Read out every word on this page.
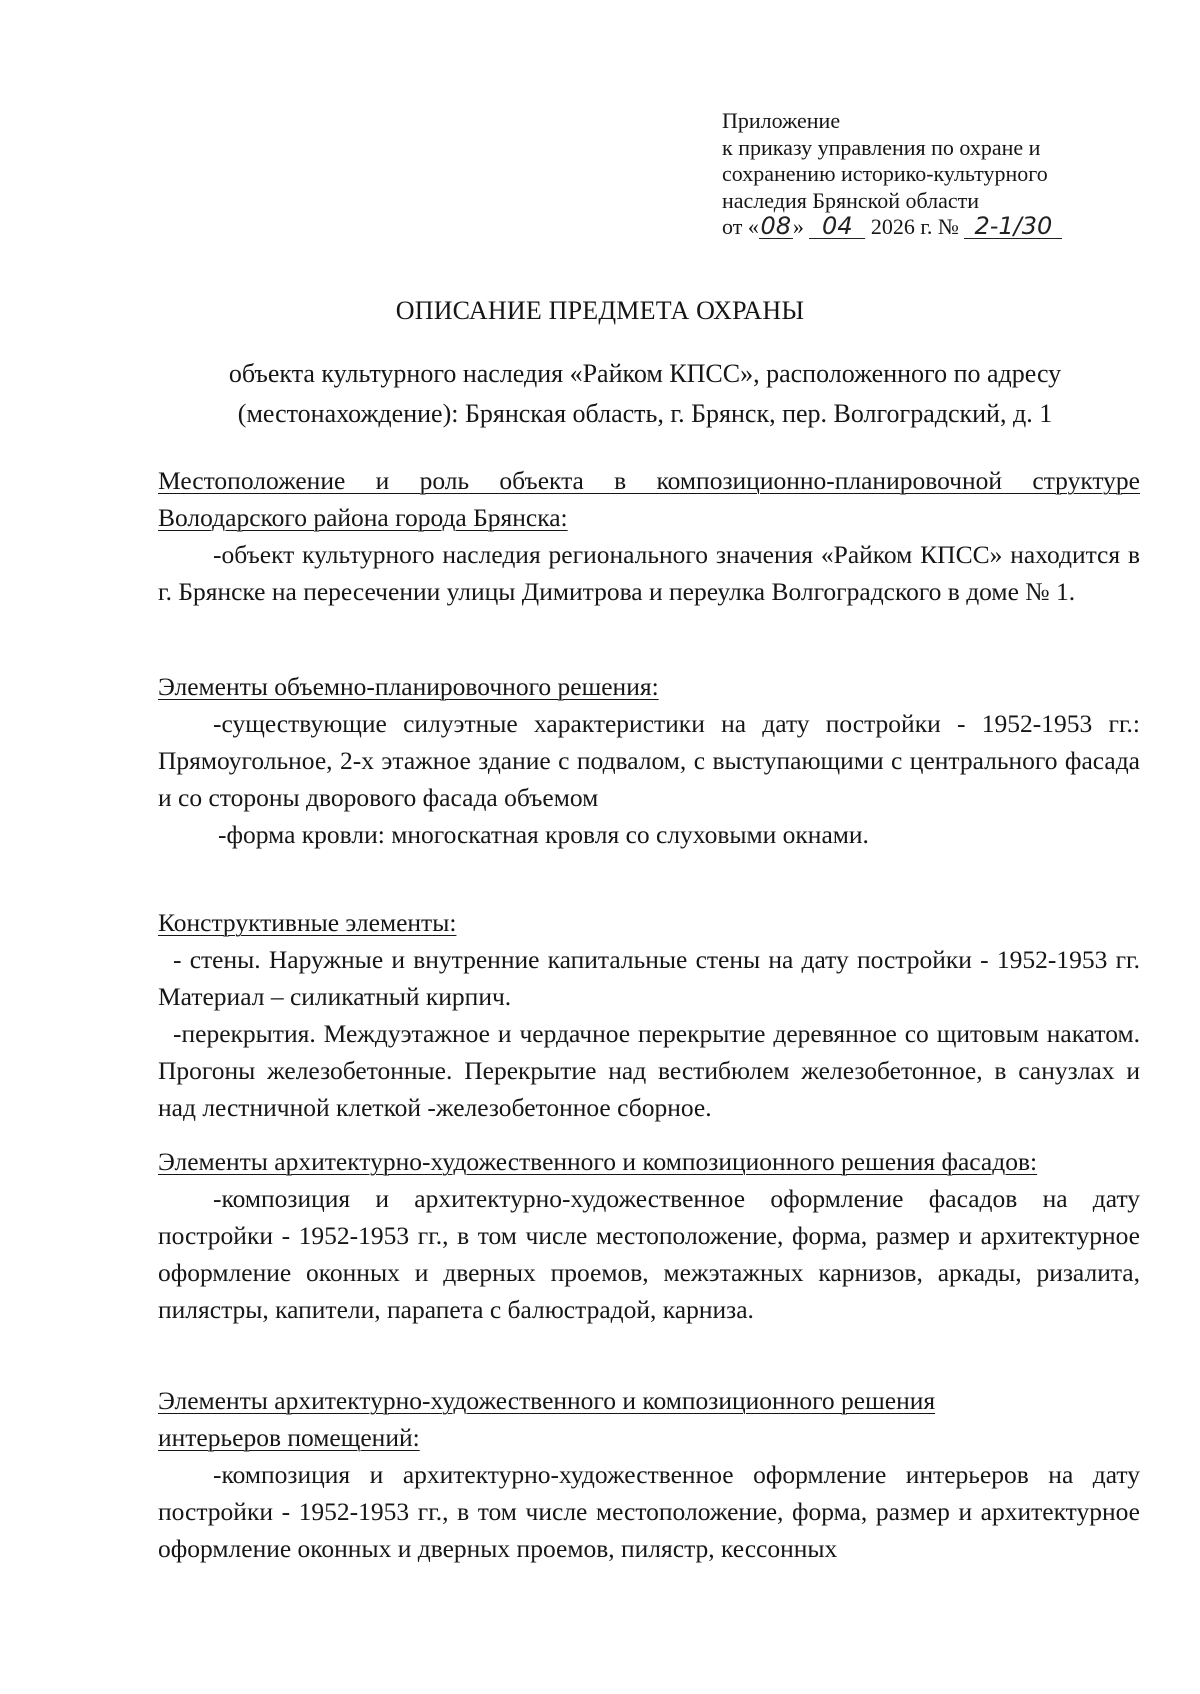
Приложение
к приказу управления по охране и
сохранению историко-культурного
наследия Брянской области
от «08» 04 2026 г. № 2-1/30
ОПИСАНИЕ ПРЕДМЕТА ОХРАНЫ
объекта культурного наследия «Райком КПСС», расположенного по адресу (местонахождение): Брянская область, г. Брянск, пер. Волгоградский, д. 1

Местоположение и роль объекта в композиционно-планировочной структуре Володарского района города Брянска:

-объект культурного наследия регионального значения «Райком КПСС» находится в г. Брянске на пересечении улицы Димитрова и переулка Волгоградского в доме № 1.

Элементы объемно-планировочного решения:

-существующие силуэтные характеристики на дату постройки - 1952-1953 гг.: Прямоугольное, 2-х этажное здание с подвалом, с выступающими с центрального фасада и со стороны дворового фасада объемом

-форма кровли: многоскатная кровля со слуховыми окнами.

Конструктивные элементы:

- стены. Наружные и внутренние капитальные стены на дату постройки - 1952-1953 гг. Материал – силикатный кирпич.

-перекрытия. Междуэтажное и чердачное перекрытие деревянное со щитовым накатом. Прогоны железобетонные. Перекрытие над вестибюлем железобетонное, в санузлах и над лестничной клеткой -железобетонное сборное.

Элементы архитектурно-художественного и композиционного решения фасадов:

-композиция и архитектурно-художественное оформление фасадов на дату постройки - 1952-1953 гг., в том числе местоположение, форма, размер и архитектурное оформление оконных и дверных проемов, межэтажных карнизов, аркады, ризалита, пилястры, капители, парапета с балюстрадой, карниза.

Элементы архитектурно-художественного и композиционного решения
интерьеров помещений:

-композиция и архитектурно-художественное оформление интерьеров на дату постройки - 1952-1953 гг., в том числе местоположение, форма, размер и архитектурное оформление оконных и дверных проемов, пилястр, кессонных
